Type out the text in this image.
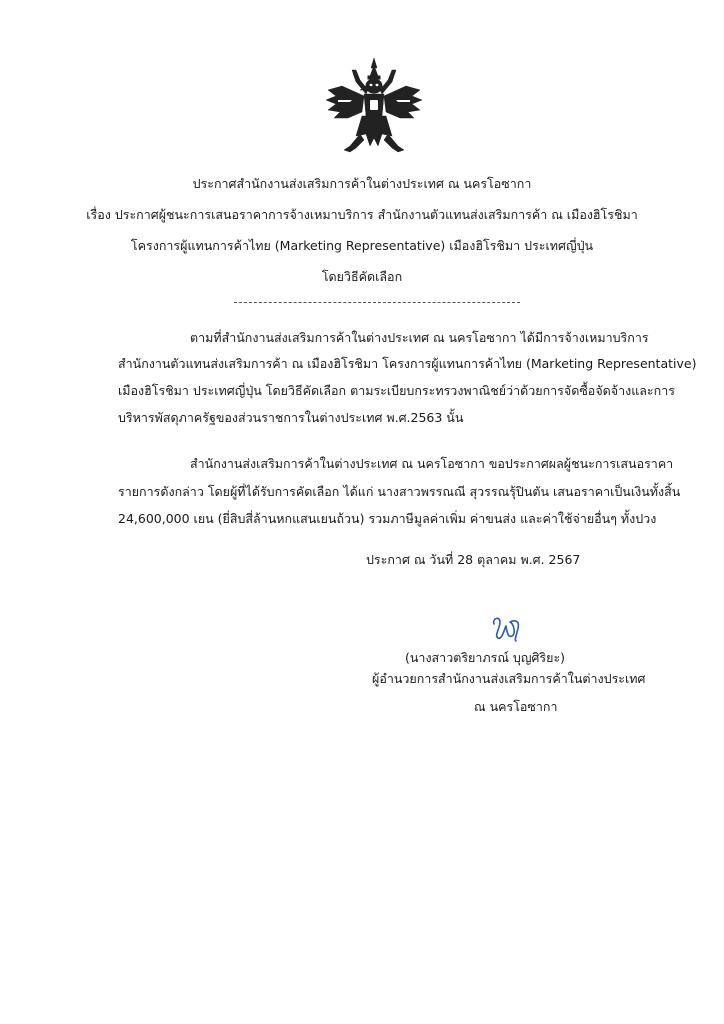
ประกาศสำนักงานส่งเสริมการค้าในต่างประเทศ ณ นครโอซากา
เรื่อง ประกาศผู้ชนะการเสนอราคาการจ้างเหมาบริการ สำนักงานตัวแทนส่งเสริมการค้า ณ เมืองฮิโรชิมา
โครงการผู้แทนการค้าไทย (Marketing Representative) เมืองฮิโรชิมา ประเทศญี่ปุ่น
โดยวิธีคัดเลือก
ตามที่สำนักงานส่งเสริมการค้าในต่างประเทศ ณ นครโอซากา ได้มีการจ้างเหมาบริการ
สำนักงานตัวแทนส่งเสริมการค้า ณ เมืองฮิโรชิมา โครงการผู้แทนการค้าไทย (Marketing Representative)
เมืองฮิโรชิมา ประเทศญี่ปุ่น โดยวิธีคัดเลือก ตามระเบียบกระทรวงพาณิชย์ว่าด้วยการจัดซื้อจัดจ้างและการ
บริหารพัสดุภาครัฐของส่วนราชการในต่างประเทศ พ.ศ.2563 นั้น
สำนักงานส่งเสริมการค้าในต่างประเทศ ณ นครโอซากา ขอประกาศผลผู้ชนะการเสนอราคา
รายการดังกล่าว โดยผู้ที่ได้รับการคัดเลือก ได้แก่ นางสาวพรรณณี สุวรรณรุ้ปินตัน เสนอราคาเป็นเงินทั้งสิ้น
24,600,000 เยน (ยี่สิบสี่ล้านหกแสนเยนถ้วน) รวมภาษีมูลค่าเพิ่ม ค่าขนส่ง และค่าใช้จ่ายอื่นๆ ทั้งปวง
ประกาศ ณ วันที่ 28 ตุลาคม พ.ศ. 2567
(นางสาวตริยาภรณ์ บุญศิริยะ)
ผู้อำนวยการสำนักงานส่งเสริมการค้าในต่างประเทศ
ณ นครโอซากา
